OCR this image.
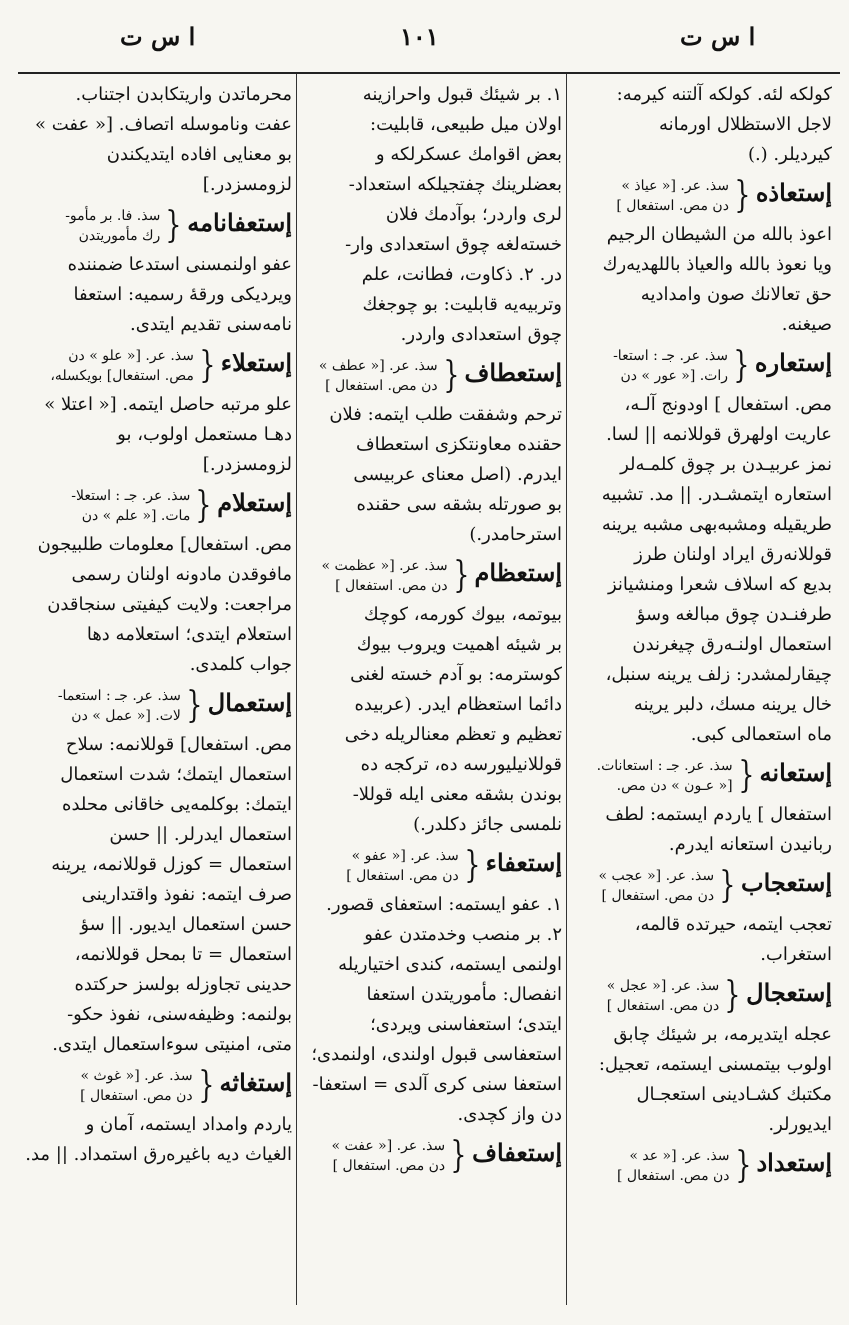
ا س ت	١٠١	ا س ت
كولكه لئه. كولكه آلتنه كيرمه:
لاجل الاستظلال اورمانه
كيرديلر. (.)
إستعاذه{
سذ. عر. [« عياذ »
دن مص. استفعال ]
اعوذ بالله من الشيطان الرجيم
ويا نعوذ بالله والعياذ باللهديه‌رك
حق تعالانك صون وامداديه
صيغنه.
إستعاره{
سذ. عر. جـ : استعا-
رات. [« عور » دن
مص. استفعال ] اودونج آلـه،
عاريت اولهرق قوللانمه || لسا.
نمز عربيـدن بر چوق كلمـه‌لر
استعاره ايتمشـدر. || مد. تشبيه
طريقيله ومشبه‌بهى مشبه يرينه
قوللانه‌رق ايراد اولنان طرز
بديع كه اسلاف شعرا ومنشيانز
طرفنـدن چوق مبالغه وسؤ
استعمال اولنـه‌رق چيغرندن
چيقارلمشدر: زلف يرينه سنبل،
خال يرينه مسك، دلبر يرينه
ماه استعمالى كبى.
إستعانه{
سذ. عر. جـ : استعانات.
[« عـون » دن مص.
استفعال ] ياردم ايستمه: لطف
ربانيدن استعانه ايدرم.
إستعجاب{
سذ. عر. [« عجب »
دن مص. استفعال ]
تعجب ايتمه، حيرتده قالمه،
استغراب.
إستعجال{
سذ. عر. [« عجل »
دن مص. استفعال ]
عجله ايتديرمه، بر شيئك چابق
اولوب بيتمسنى ايستمه، تعجيل:
مكتبك كشـادينى استعجـال
ايديورلر.
إستعداد{
سذ. عر. [« عد »
دن مص. استفعال ]
١. بر شيئك قبول واحرازينه
اولان ميل طبيعى، قابليت:
بعض اقوامك عسكرلكه و
بعضلرينك چفتجيلكه استعداد-
لرى واردر؛ بوآدمك فلان
خسته‌لغه چوق استعدادى وار-
در. ٢. ذكاوت، فطانت، علم
وتربيه‌يه قابليت: بو چوجغك
چوق استعدادى واردر.
إستعطاف{
سذ. عر. [« عطف »
دن مص. استفعال ]
ترحم وشفقت طلب ايتمه: فلان
حقنده معاونتكزى استعطاف
ايدرم. (اصل معناى عربيسى
بو صورتله بشقه سى حقنده
استرحامدر.)
إستعظام{
سذ. عر. [« عظمت »
دن مص. استفعال ]
بيوتمه، بيوك كورمه، كوچك
بر شيئه اهميت ويروب بيوك
كوسترمه: بو آدم خسته لغنى
دائما استعظام ايدر. (عربيده
تعظيم و تعظم معنالريله دخى
قوللانيليورسه ده، تركجه ده
بوندن بشقه معنى ايله قوللا-
نلمسى جائز دكلدر.)
إستعفاء{
سذ. عر. [« عفو »
دن مص. استفعال ]
١. عفو ايستمه: استعفاى قصور.
٢. بر منصب وخدمتدن عفو
اولنمى ايستمه، كندى اختياريله
انفصال: مأموريتدن استعفا
ايتدى؛ استعفاسنى ويردى؛
استعفاسى قبول اولندى، اولنمدى؛
استعفا سنى كرى آلدى = استعفا-
دن واز كچدى.
إستعفاف{
سذ. عر. [« عفت »
دن مص. استفعال ]
محرماتدن واريتكابدن اجتناب.
عفت وناموسله اتصاف. [« عفت »
بو معنايى افاده ايتديكندن
لزومسزدر.]
إستعفانامه{
سذ. فا. بر مأمو-
رك مأموريتدن
عفو اولنمسنى استدعا ضمننده
ويرديكى ورقۀ رسميه: استعفا
نامه‌سنى تقديم ايتدى.
إستعلاء{
سذ. عر. [« علو » دن
مص. استفعال] بويكسله،
علو مرتبه حاصل ايتمه. [« اعتلا »
دهـا مستعمل اولوب، بو
لزومسزدر.]
إستعلام{
سذ. عر. جـ : استعلا-
مات. [« علم » دن
مص. استفعال] معلومات طلبيجون
مافوقدن مادونه اولنان رسمى
مراجعت: ولايت كيفيتى سنجاقدن
استعلام ايتدى؛ استعلامه دها
جواب كلمدى.
إستعمال{
سذ. عر. جـ : استعما-
لات. [« عمل » دن
مص. استفعال] قوللانمه: سلاح
استعمال ايتمك؛ شدت استعمال
ايتمك: بوكلمه‌يى خاقانى محلده
استعمال ايدرلر. || حسن
استعمال = كوزل قوللانمه، يرينه
صرف ايتمه: نفوذ واقتدارينى
حسن استعمال ايديور. || سؤ
استعمال = تا بمحل قوللانمه،
حدينى تجاوزله بولسز حركتده
بولنمه: وظيفه‌سنى، نفوذ حكو-
متى، امنيتى سوءاستعمال ايتدى.
إستغاثه{
سذ. عر. [« غوث »
دن مص. استفعال ]
ياردم وامداد ايستمه، آمان و
الغياث ديه باغيره‌رق استمداد. || مد.
